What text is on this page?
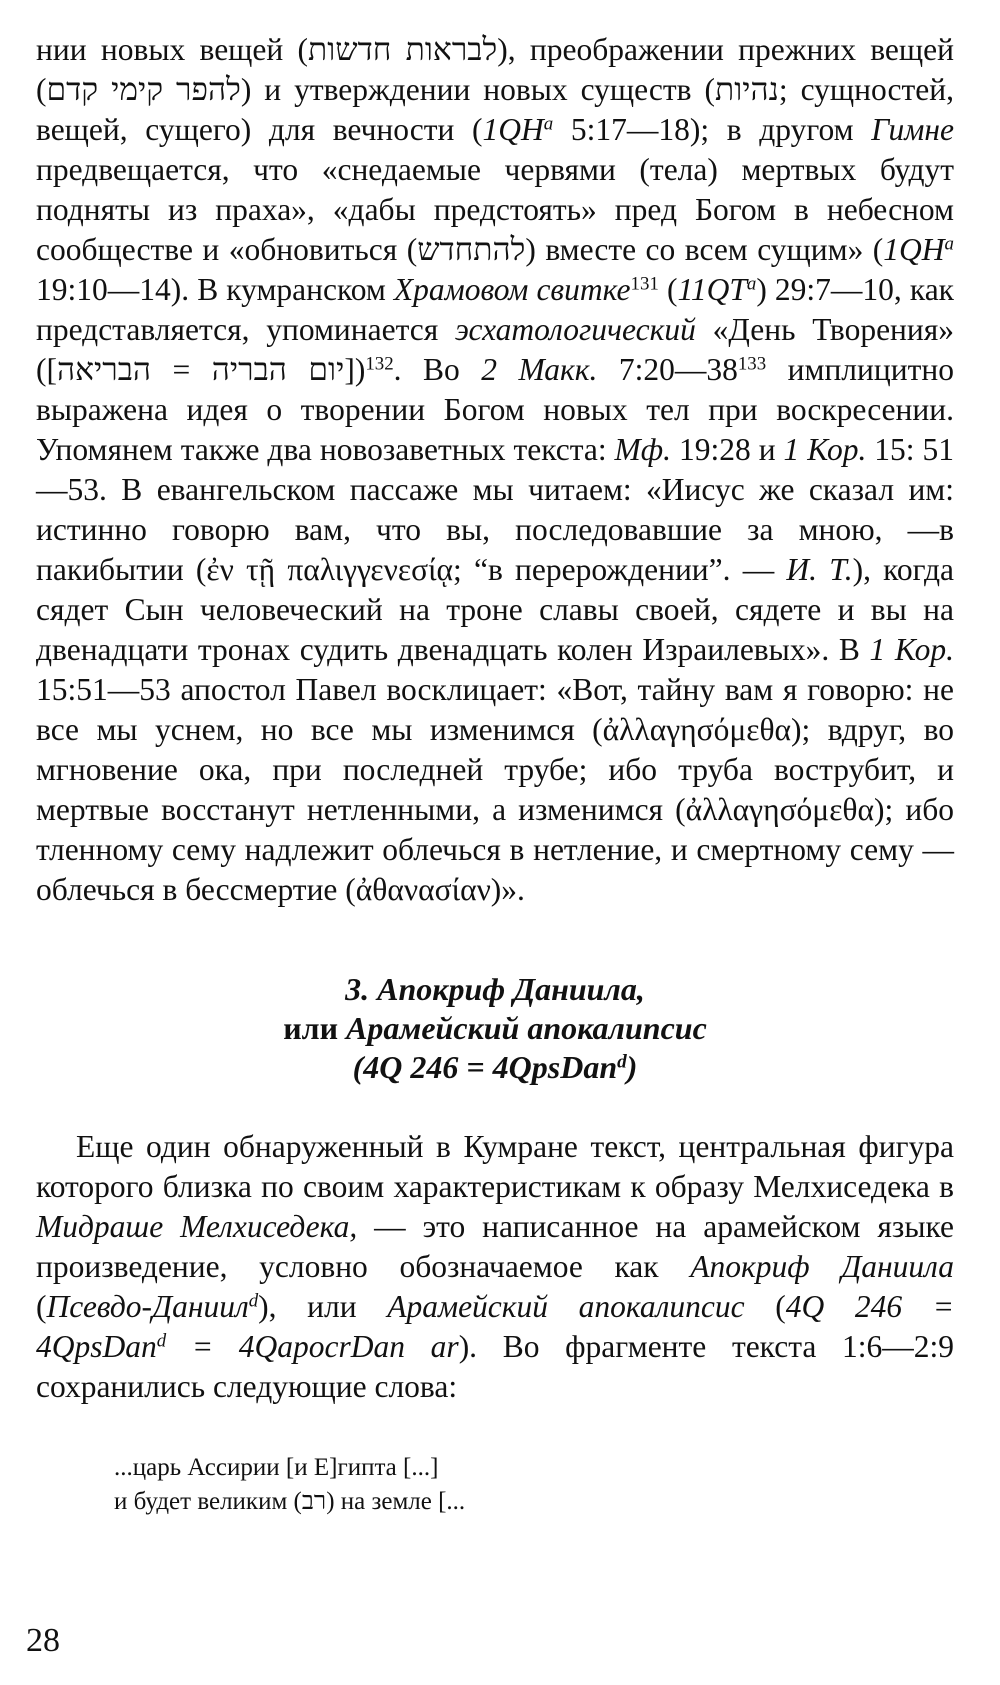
нии новых вещей (לבראות חדשות), преображении прежних вещей (להפר קימי קדם) и утверждении новых существ (נהיות; сущностей, вещей, сущего) для вечности ($1QH^a$ 5:17—18); в другом Гимне предвещается, что «снедаемые червями (тела) мертвых будут подняты из праха», «дабы предстоять» пред Богом в небесном сообществе и «обновиться (להתחדש) вместе со всем сущим» ($1QH^a$ 19:10—14). В кумранском Храмовом свитке$^{131}$ $(11QT^a)$ 29:7—10, как представляется, упоминается эсхатологический «День Творения» ([יום הבריה = הבריאה])$^{132}$. Во 2 Макк. $7:20—38^{133}$ имплицитно выражена идея о творении Богом новых тел при воскресении. Упомянем также два новозаветных текста: Мф. 19:28 и 1 Кор. 15: 51—53. В евангельском пассаже мы читаем: «Иисус же сказал им: истинно говорю вам, что вы, последовавшие за мною, —в пакибытии (ἐν τῇ παλιγγενεσίᾳ; “в перерождении”. — И. Т.), когда сядет Сын человеческий на троне славы своей, сядете и вы на двенадцати тронах судить двенадцать колен Израилевых». В 1 Кор. 15:51—53 апостол Павел восклицает: «Вот, тайну вам я говорю: не все мы уснем, но все мы изменимся (ἀλλαγησόμεθα); вдруг, во мгновение ока, при последней трубе; ибо труба вострубит, и мертвые восстанут нетленными, а изменимся (ἀλλαγησόμεθα); ибо тленному сему надлежит облечься в нетление, и смертному сему — облечься в бессмертие (ἀθανασίαν)».

3. Апокриф Даниила,
или Арамейский апокалипсис
(4Q 246 = 4QpsDan$^d$)

Еще один обнаруженный в Кумране текст, центральная фигура которого близка по своим характеристикам к образу Мелхиседека в Мидраше Мелхиседека, — это написанное на арамейском языке произведение, условно обозначаемое как Апокриф Даниила (Псевдо-Даниил$^d$), или Арамейский апокалипсис (4Q 246 = 4QpsDan$^d$ = 4QapocrDan ar). Во фрагменте текста 1:6—2:9 сохранились следующие слова:

...царь Ассирии [и Е]гипта [...]
и будет великим (רב) на земле [...
28
